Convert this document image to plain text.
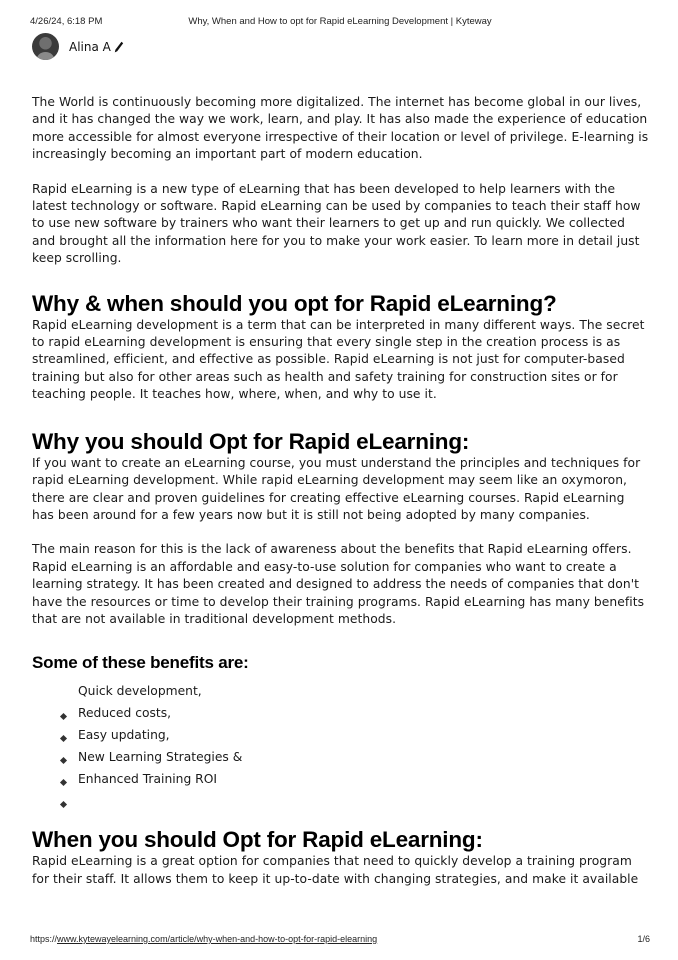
4/26/24, 6:18 PM	Why, When and How to opt for Rapid eLearning Development | Kyteway
Alina A

The World is continuously becoming more digitalized. The internet has become global in our lives, and it has changed the way we work, learn, and play. It has also made the experience of education more accessible for almost everyone irrespective of their location or level of privilege. E-learning is increasingly becoming an important part of modern education.

Rapid eLearning is a new type of eLearning that has been developed to help learners with the latest technology or software. Rapid eLearning can be used by companies to teach their staff how to use new software by trainers who want their learners to get up and run quickly. We collected and brought all the information here for you to make your work easier. To learn more in detail just keep scrolling.

Why & when should you opt for Rapid eLearning?

Rapid eLearning development is a term that can be interpreted in many different ways. The secret to rapid eLearning development is ensuring that every single step in the creation process is as streamlined, efficient, and effective as possible. Rapid eLearning is not just for computer-based training but also for other areas such as health and safety training for construction sites or for teaching people. It teaches how, where, when, and why to use it.

Why you should Opt for Rapid eLearning:

If you want to create an eLearning course, you must understand the principles and techniques for rapid eLearning development. While rapid eLearning development may seem like an oxymoron, there are clear and proven guidelines for creating effective eLearning courses. Rapid eLearning has been around for a few years now but it is still not being adopted by many companies.

The main reason for this is the lack of awareness about the benefits that Rapid eLearning offers. Rapid eLearning is an affordable and easy-to-use solution for companies who want to create a learning strategy. It has been created and designed to address the needs of companies that don't have the resources or time to develop their training programs. Rapid eLearning has many benefits that are not available in traditional development methods.

Some of these benefits are:
Quick development,
Reduced costs,
Easy updating,
New Learning Strategies &
Enhanced Training ROI
When you should Opt for Rapid eLearning:

Rapid eLearning is a great option for companies that need to quickly develop a training program for their staff. It allows them to keep it up-to-date with changing strategies, and make it available

https://www.kytewayelearning.com/article/why-when-and-how-to-opt-for-rapid-elearning	1/6
